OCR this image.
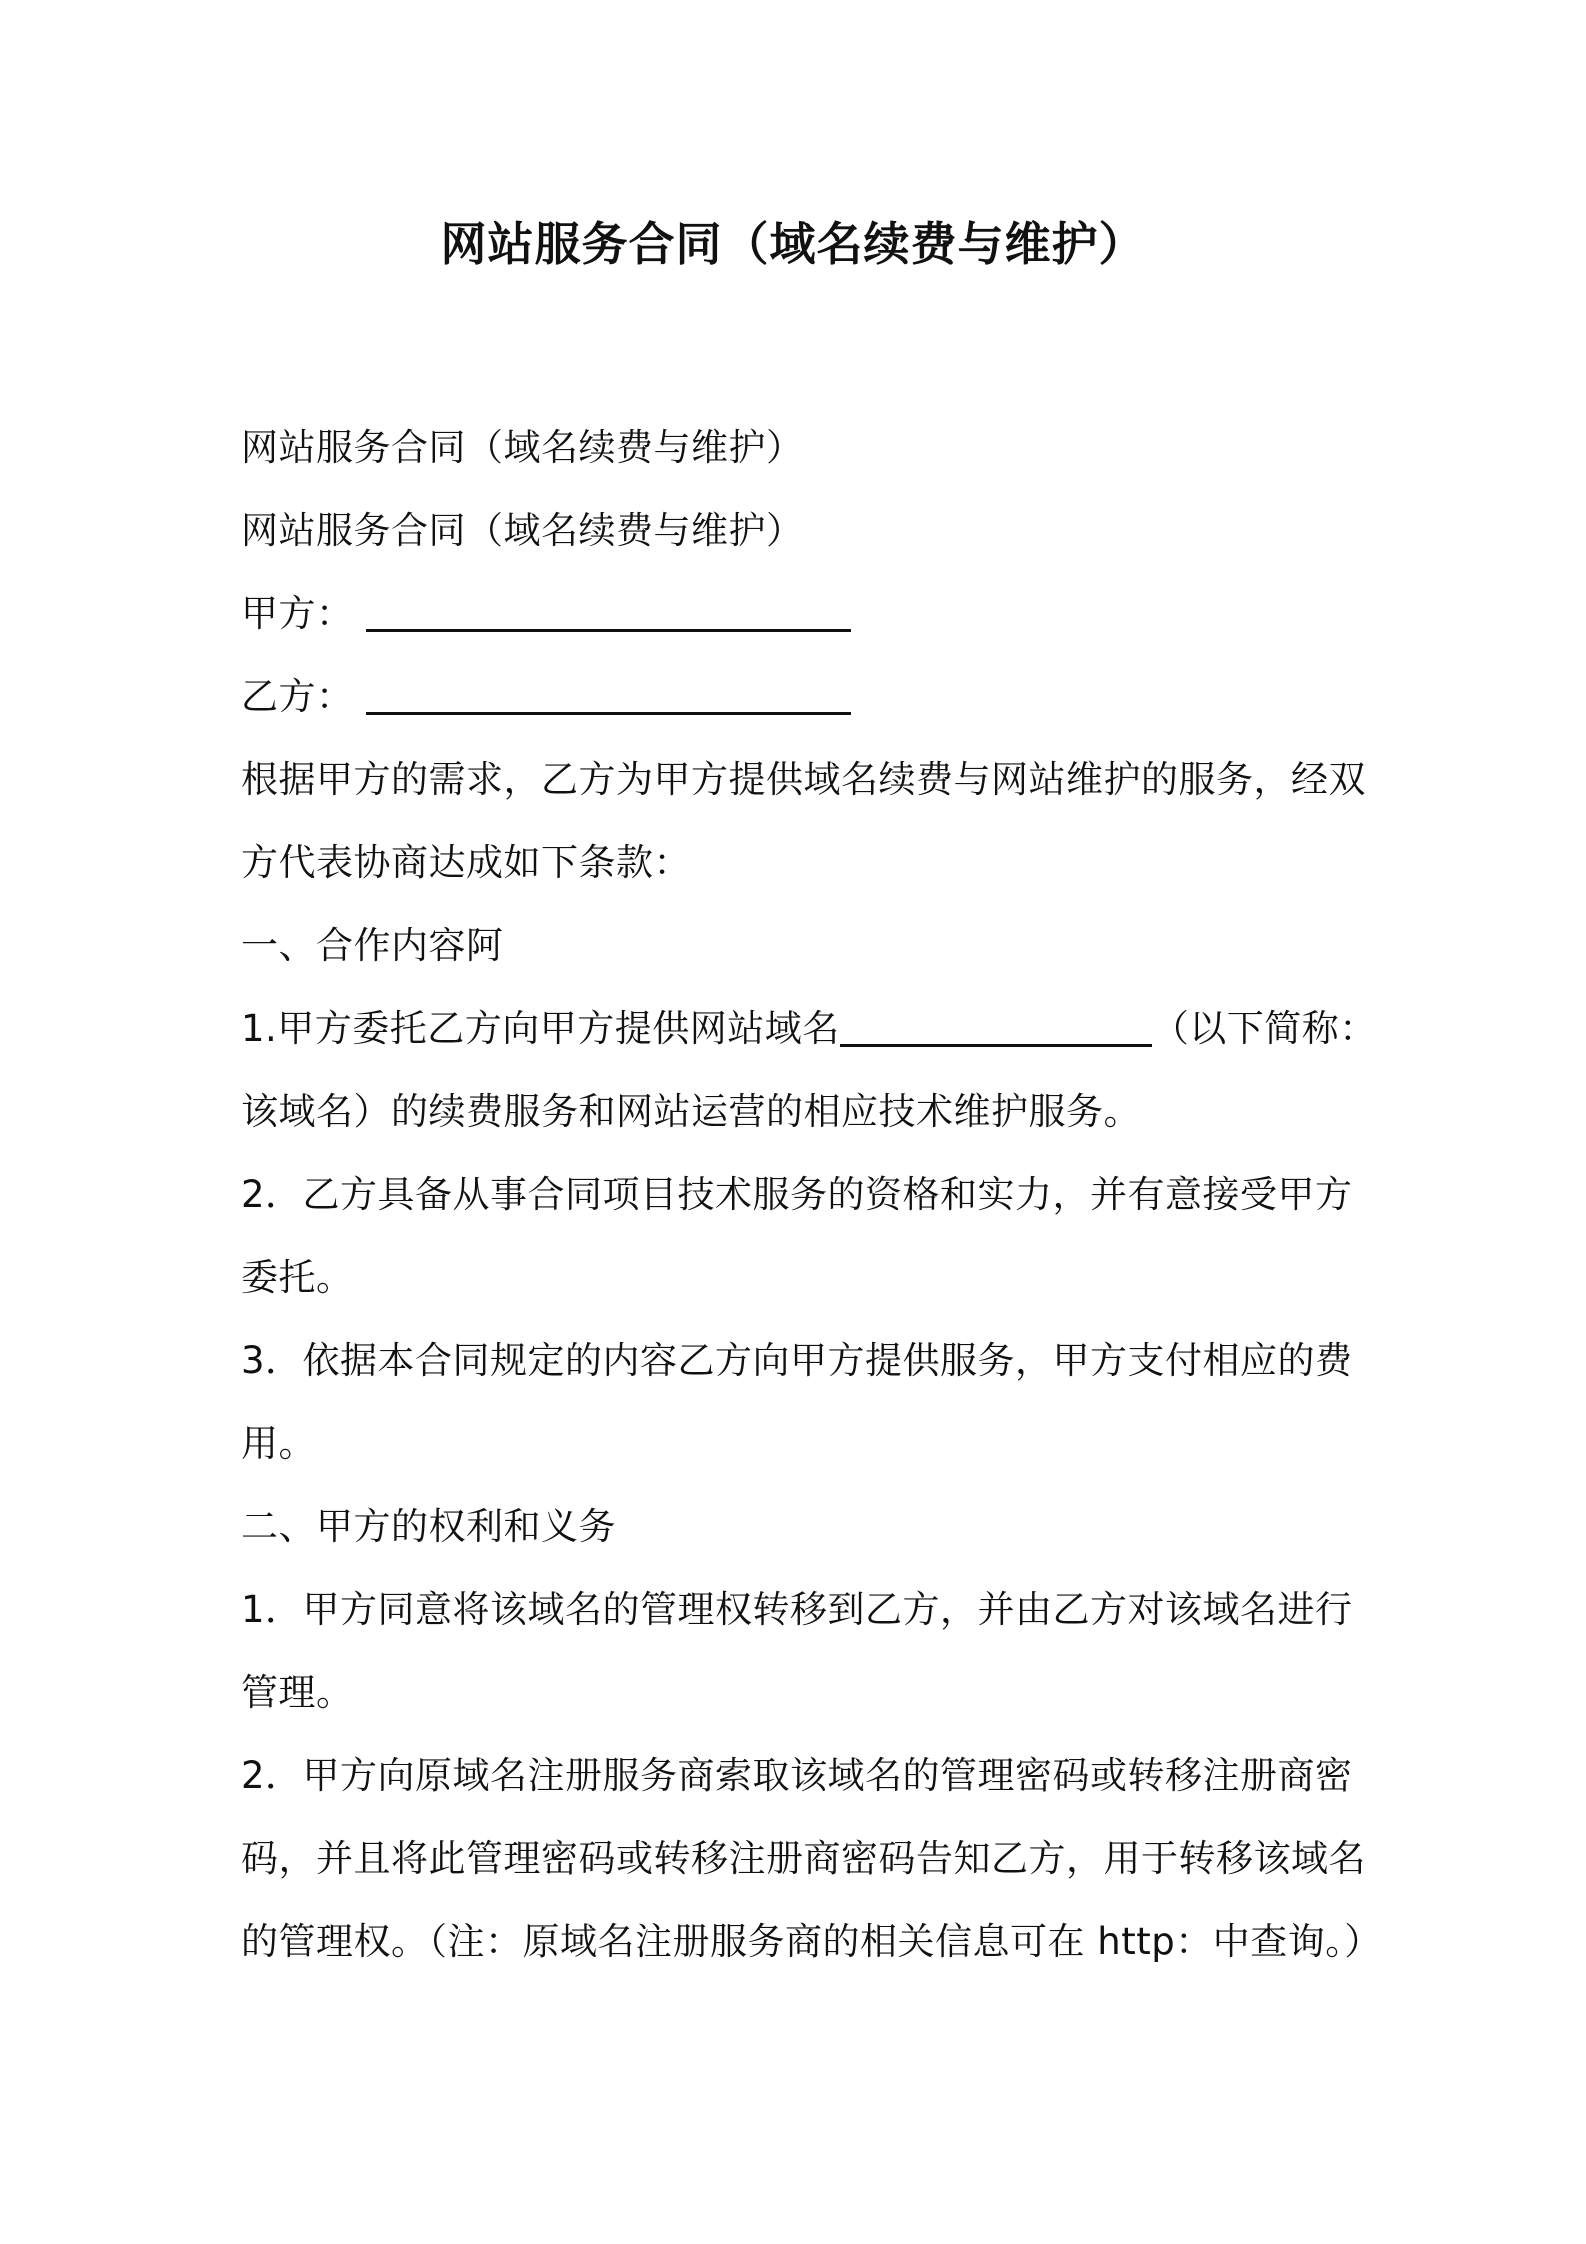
网站服务合同（域名续费与维护）
网站服务合同（域名续费与维护）
网站服务合同（域名续费与维护）
甲方：
乙方：
根据甲方的需求，乙方为甲方提供域名续费与网站维护的服务，经双
方代表协商达成如下条款：
一、合作内容阿
1.甲方委托乙方向甲方提供网站域名	（以下简称：
该域名）的续费服务和网站运营的相应技术维护服务。
2．乙方具备从事合同项目技术服务的资格和实力，并有意接受甲方
委托。
3．依据本合同规定的内容乙方向甲方提供服务，甲方支付相应的费
用。
二、甲方的权利和义务
1．甲方同意将该域名的管理权转移到乙方，并由乙方对该域名进行
管理。
2．甲方向原域名注册服务商索取该域名的管理密码或转移注册商密
码，并且将此管理密码或转移注册商密码告知乙方，用于转移该域名
的管理权。（注：原域名注册服务商的相关信息可在 http：中查询。）
